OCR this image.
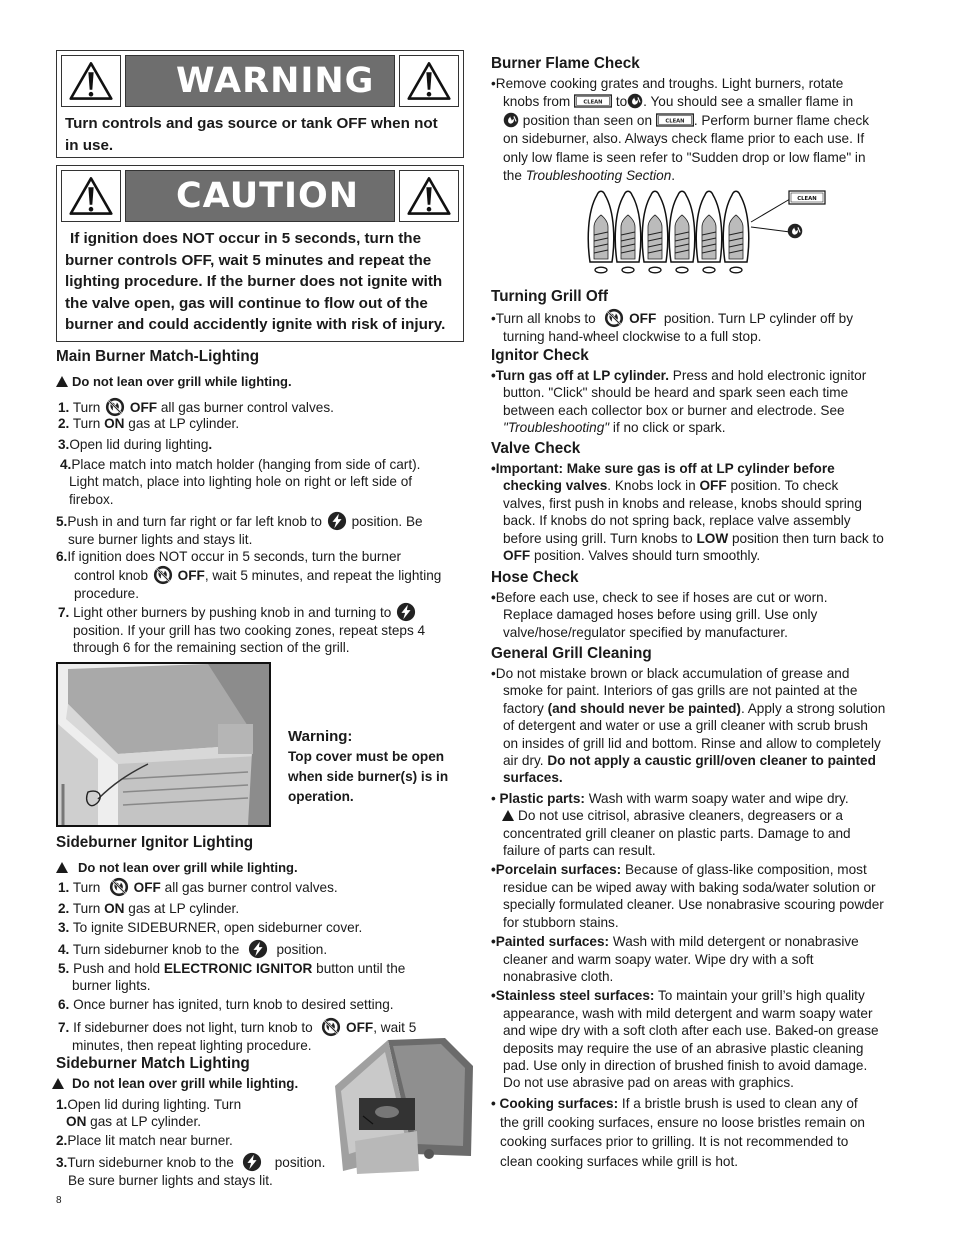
WARNING
Turn controls and gas source or tank OFF when not in use.
CAUTION
If ignition does NOT occur in 5 seconds, turn the burner controls OFF, wait 5 minutes and repeat the lighting procedure. If the burner does not ignite with the valve open, gas will continue to flow out of the burner and could accidently ignite with risk of injury.
Main Burner Match-Lighting
Do not lean over grill while lighting.
1. Turn OFF all gas burner control valves.
2. Turn ON gas at LP cylinder.
3.Open lid during lighting.
4.Place match into match holder (hanging from side of cart).
Light match, place into lighting hole on right or left side of
firebox.
5.Push in and turn far right or far left knob to position. Be
sure burner lights and stays lit.
6.If ignition does NOT occur in 5 seconds, turn the burner
control knob OFF, wait 5 minutes, and repeat the lighting
procedure.
7. Light other burners by pushing knob in and turning to
position. If your grill has two cooking zones, repeat steps 4
through 6 for the remaining section of the grill.
Warning:
Top cover must be open
when side burner(s) is in
operation.
Sideburner Ignitor Lighting
Do not lean over grill while lighting.
1. Turn OFF all gas burner control valves.
2. Turn ON gas at LP cylinder.
3. To ignite SIDEBURNER, open sideburner cover.
4. Turn sideburner knob to the	position.
5. Push and hold ELECTRONIC IGNITOR button until the
burner lights.
6. Once burner has ignited, turn knob to desired setting.
7. If sideburner does not light, turn knob to OFF, wait 5
minutes, then repeat lighting procedure.
Sideburner Match Lighting
Do not lean over grill while lighting.
1.Open lid during lighting. Turn
ON gas at LP cylinder.
2.Place lit match near burner.
3.Turn sideburner knob to the	position.
Be sure burner lights and stays lit.
8
Burner Flame Check
•Remove cooking grates and troughs. Light burners, rotate
knobs from	to . You should see a smaller flame in
position than seen on	. Perform burner flame check
on sideburner, also. Always check flame prior to each use. If
only low flame is seen refer to "Sudden drop or low flame" in
the Troubleshooting Section.
CLEAN
Turning Grill Off
•Turn all knobs to OFF position. Turn LP cylinder off by
turning hand-wheel clockwise to a full stop.
Ignitor Check
•Turn gas off at LP cylinder. Press and hold electronic ignitor
button. "Click" should be heard and spark seen each time
between each collector box or burner and electrode. See
"Troubleshooting" if no click or spark.
Valve Check
•Important: Make sure gas is off at LP cylinder before
checking valves. Knobs lock in OFF position. To check
valves, first push in knobs and release, knobs should spring
back. If knobs do not spring back, replace valve assembly
before using grill. Turn knobs to LOW position then turn back to
OFF position. Valves should turn smoothly.
Hose Check
•Before each use, check to see if hoses are cut or worn.
Replace damaged hoses before using grill. Use only
valve/hose/regulator specified by manufacturer.
General Grill Cleaning
•Do not mistake brown or black accumulation of grease and
smoke for paint. Interiors of gas grills are not painted at the
factory (and should never be painted). Apply a strong solution
of detergent and water or use a grill cleaner with scrub brush
on insides of grill lid and bottom. Rinse and allow to completely
air dry. Do not apply a caustic grill/oven cleaner to painted
surfaces.
• Plastic parts: Wash with warm soapy water and wipe dry.
Do not use citrisol, abrasive cleaners, degreasers or a
concentrated grill cleaner on plastic parts. Damage to and
failure of parts can result.
•Porcelain surfaces: Because of glass-like composition, most
residue can be wiped away with baking soda/water solution or
specially formulated cleaner. Use nonabrasive scouring powder
for stubborn stains.
•Painted surfaces: Wash with mild detergent or nonabrasive
cleaner and warm soapy water. Wipe dry with a soft
nonabrasive cloth.
•Stainless steel surfaces: To maintain your grill’s high quality
appearance, wash with mild detergent and warm soapy water
and wipe dry with a soft cloth after each use. Baked-on grease
deposits may require the use of an abrasive plastic cleaning
pad. Use only in direction of brushed finish to avoid damage.
Do not use abrasive pad on areas with graphics.
• Cooking surfaces: If a bristle brush is used to clean any of
the grill cooking surfaces, ensure no loose bristles remain on
cooking surfaces prior to grilling. It is not recommended to
clean cooking surfaces while grill is hot.
